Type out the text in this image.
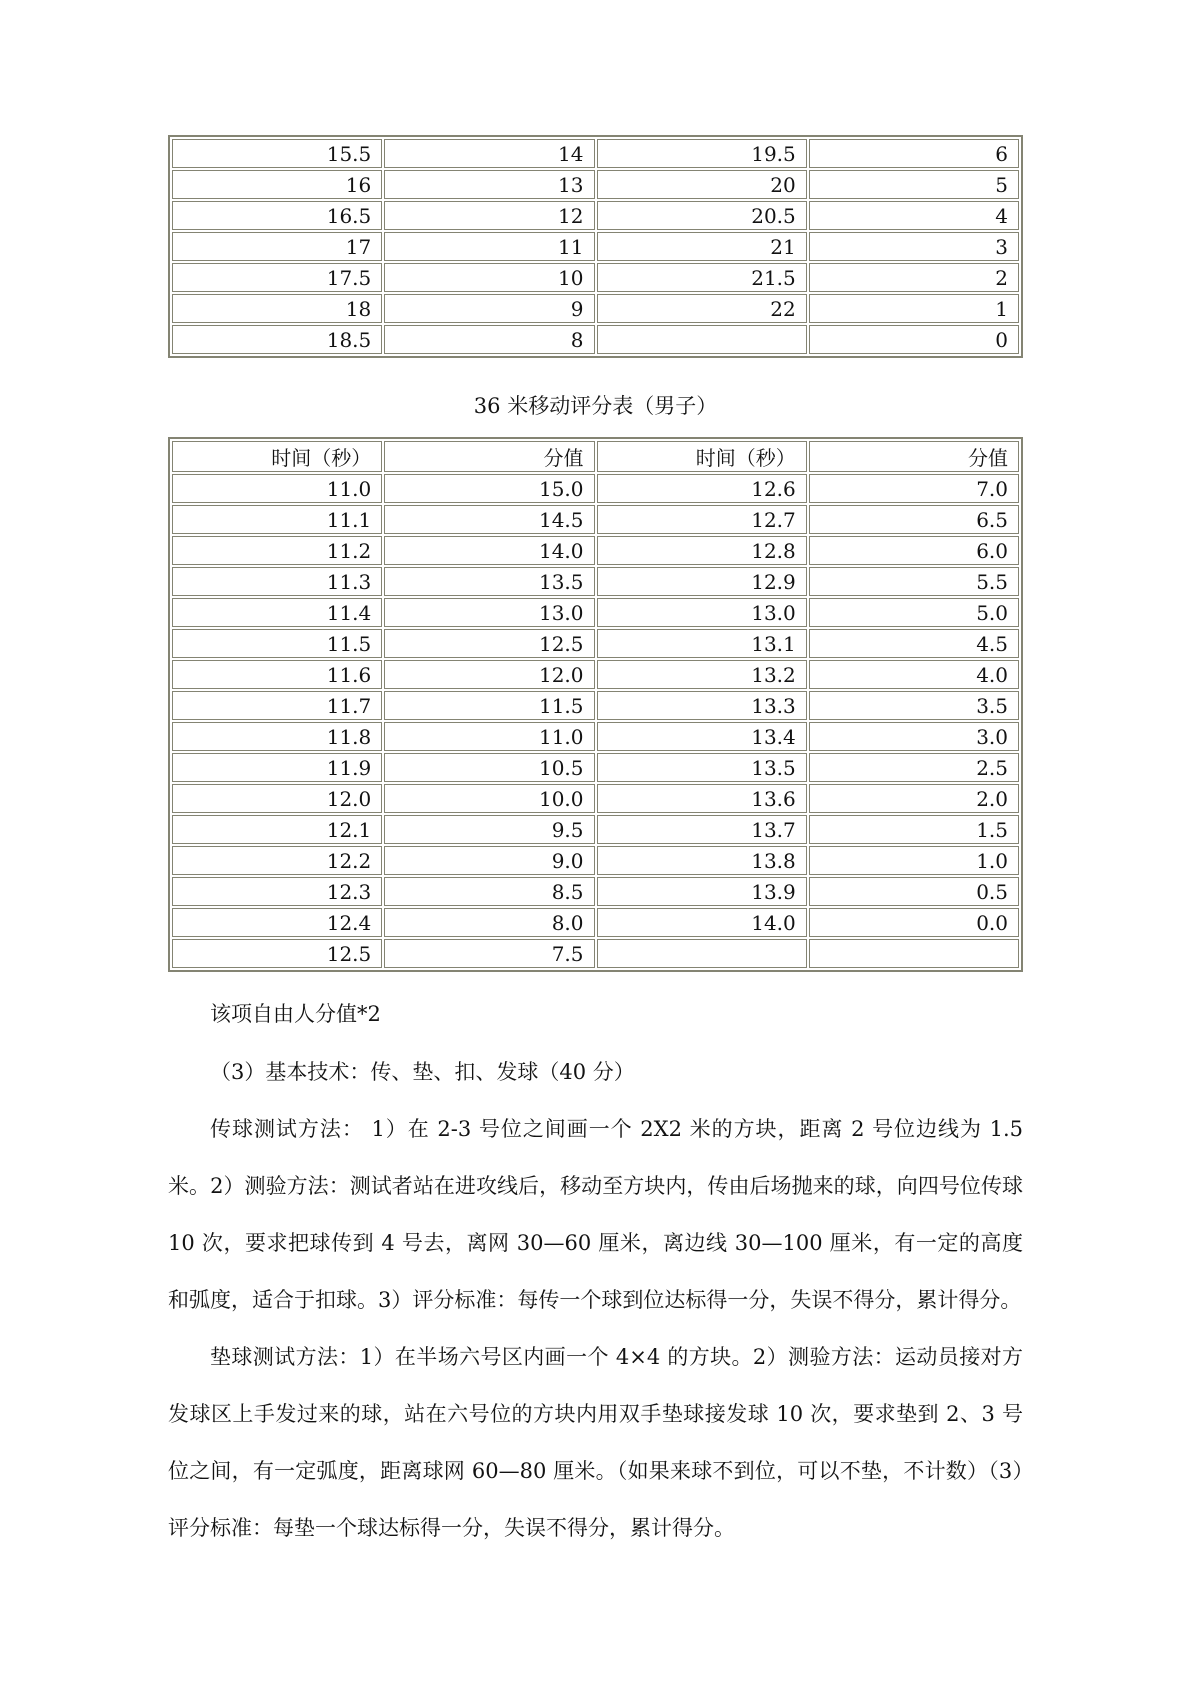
15.5	14	19.5	6
16	13	20	5
16.5	12	20.5	4
17	11	21	3
17.5	10	21.5	2
18	9	22	1
18.5	8		0
36 米移动评分表（男子）
时间（秒）	分值	时间（秒）	分值
11.0	15.0	12.6	7.0
11.1	14.5	12.7	6.5
11.2	14.0	12.8	6.0
11.3	13.5	12.9	5.5
11.4	13.0	13.0	5.0
11.5	12.5	13.1	4.5
11.6	12.0	13.2	4.0
11.7	11.5	13.3	3.5
11.8	11.0	13.4	3.0
11.9	10.5	13.5	2.5
12.0	10.0	13.6	2.0
12.1	9.5	13.7	1.5
12.2	9.0	13.8	1.0
12.3	8.5	13.9	0.5
12.4	8.0	14.0	0.0
12.5	7.5		

该项自由人分值*2

（3）基本技术：传、垫、扣、发球（40 分）

传球测试方法： 1）在 2-3 号位之间画一个 2X2 米的方块，距离 2 号位边线为 1.5 米。2）测验方法：测试者站在进攻线后，移动至方块内，传由后场抛来的球，向四号位传球 10 次，要求把球传到 4 号去，离网 30—60 厘米，离边线 30—100 厘米，有一定的高度和弧度，适合于扣球。3）评分标准：每传一个球到位达标得一分，失误不得分，累计得分。

垫球测试方法：1）在半场六号区内画一个 4×4 的方块。2）测验方法：运动员接对方发球区上手发过来的球，站在六号位的方块内用双手垫球接发球 10 次，要求垫到 2、3 号位之间，有一定弧度，距离球网 60—80 厘米。（如果来球不到位，可以不垫，不计数）（3）评分标准：每垫一个球达标得一分，失误不得分，累计得分。
